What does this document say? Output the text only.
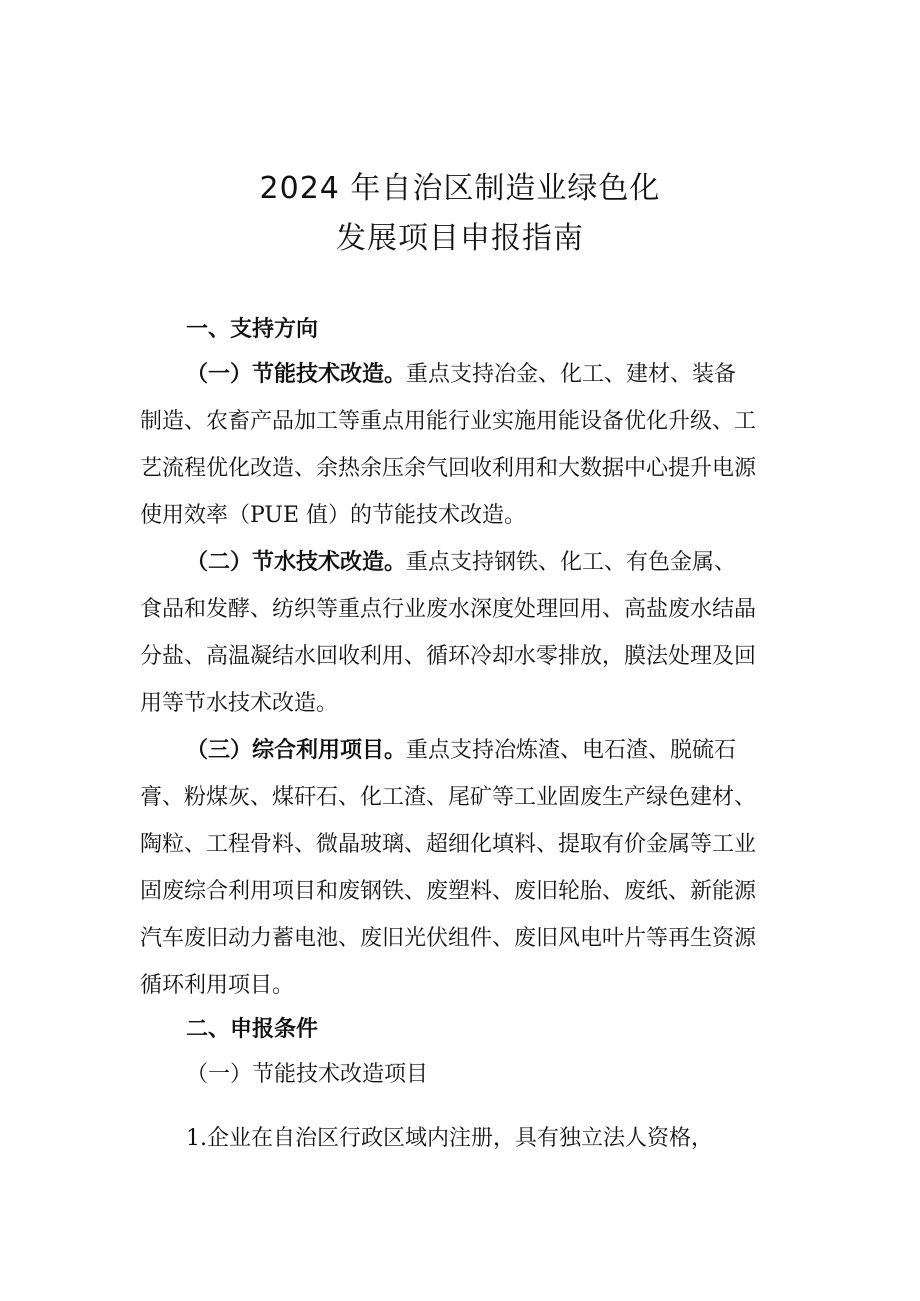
2024 年自治区制造业绿色化
发展项目申报指南
一、支持方向
（一）节能技术改造。重点支持冶金、化工、建材、装备
制造、农畜产品加工等重点用能行业实施用能设备优化升级、工
艺流程优化改造、余热余压余气回收利用和大数据中心提升电源
使用效率（PUE 值）的节能技术改造。
（二）节水技术改造。重点支持钢铁、化工、有色金属、
食品和发酵、纺织等重点行业废水深度处理回用、高盐废水结晶
分盐、高温凝结水回收利用、循环冷却水零排放，膜法处理及回
用等节水技术改造。
（三）综合利用项目。重点支持冶炼渣、电石渣、脱硫石
膏、粉煤灰、煤矸石、化工渣、尾矿等工业固废生产绿色建材、
陶粒、工程骨料、微晶玻璃、超细化填料、提取有价金属等工业
固废综合利用项目和废钢铁、废塑料、废旧轮胎、废纸、新能源
汽车废旧动力蓄电池、废旧光伏组件、废旧风电叶片等再生资源
循环利用项目。
二、申报条件
（一）节能技术改造项目
1.企业在自治区行政区域内注册，具有独立法人资格，
